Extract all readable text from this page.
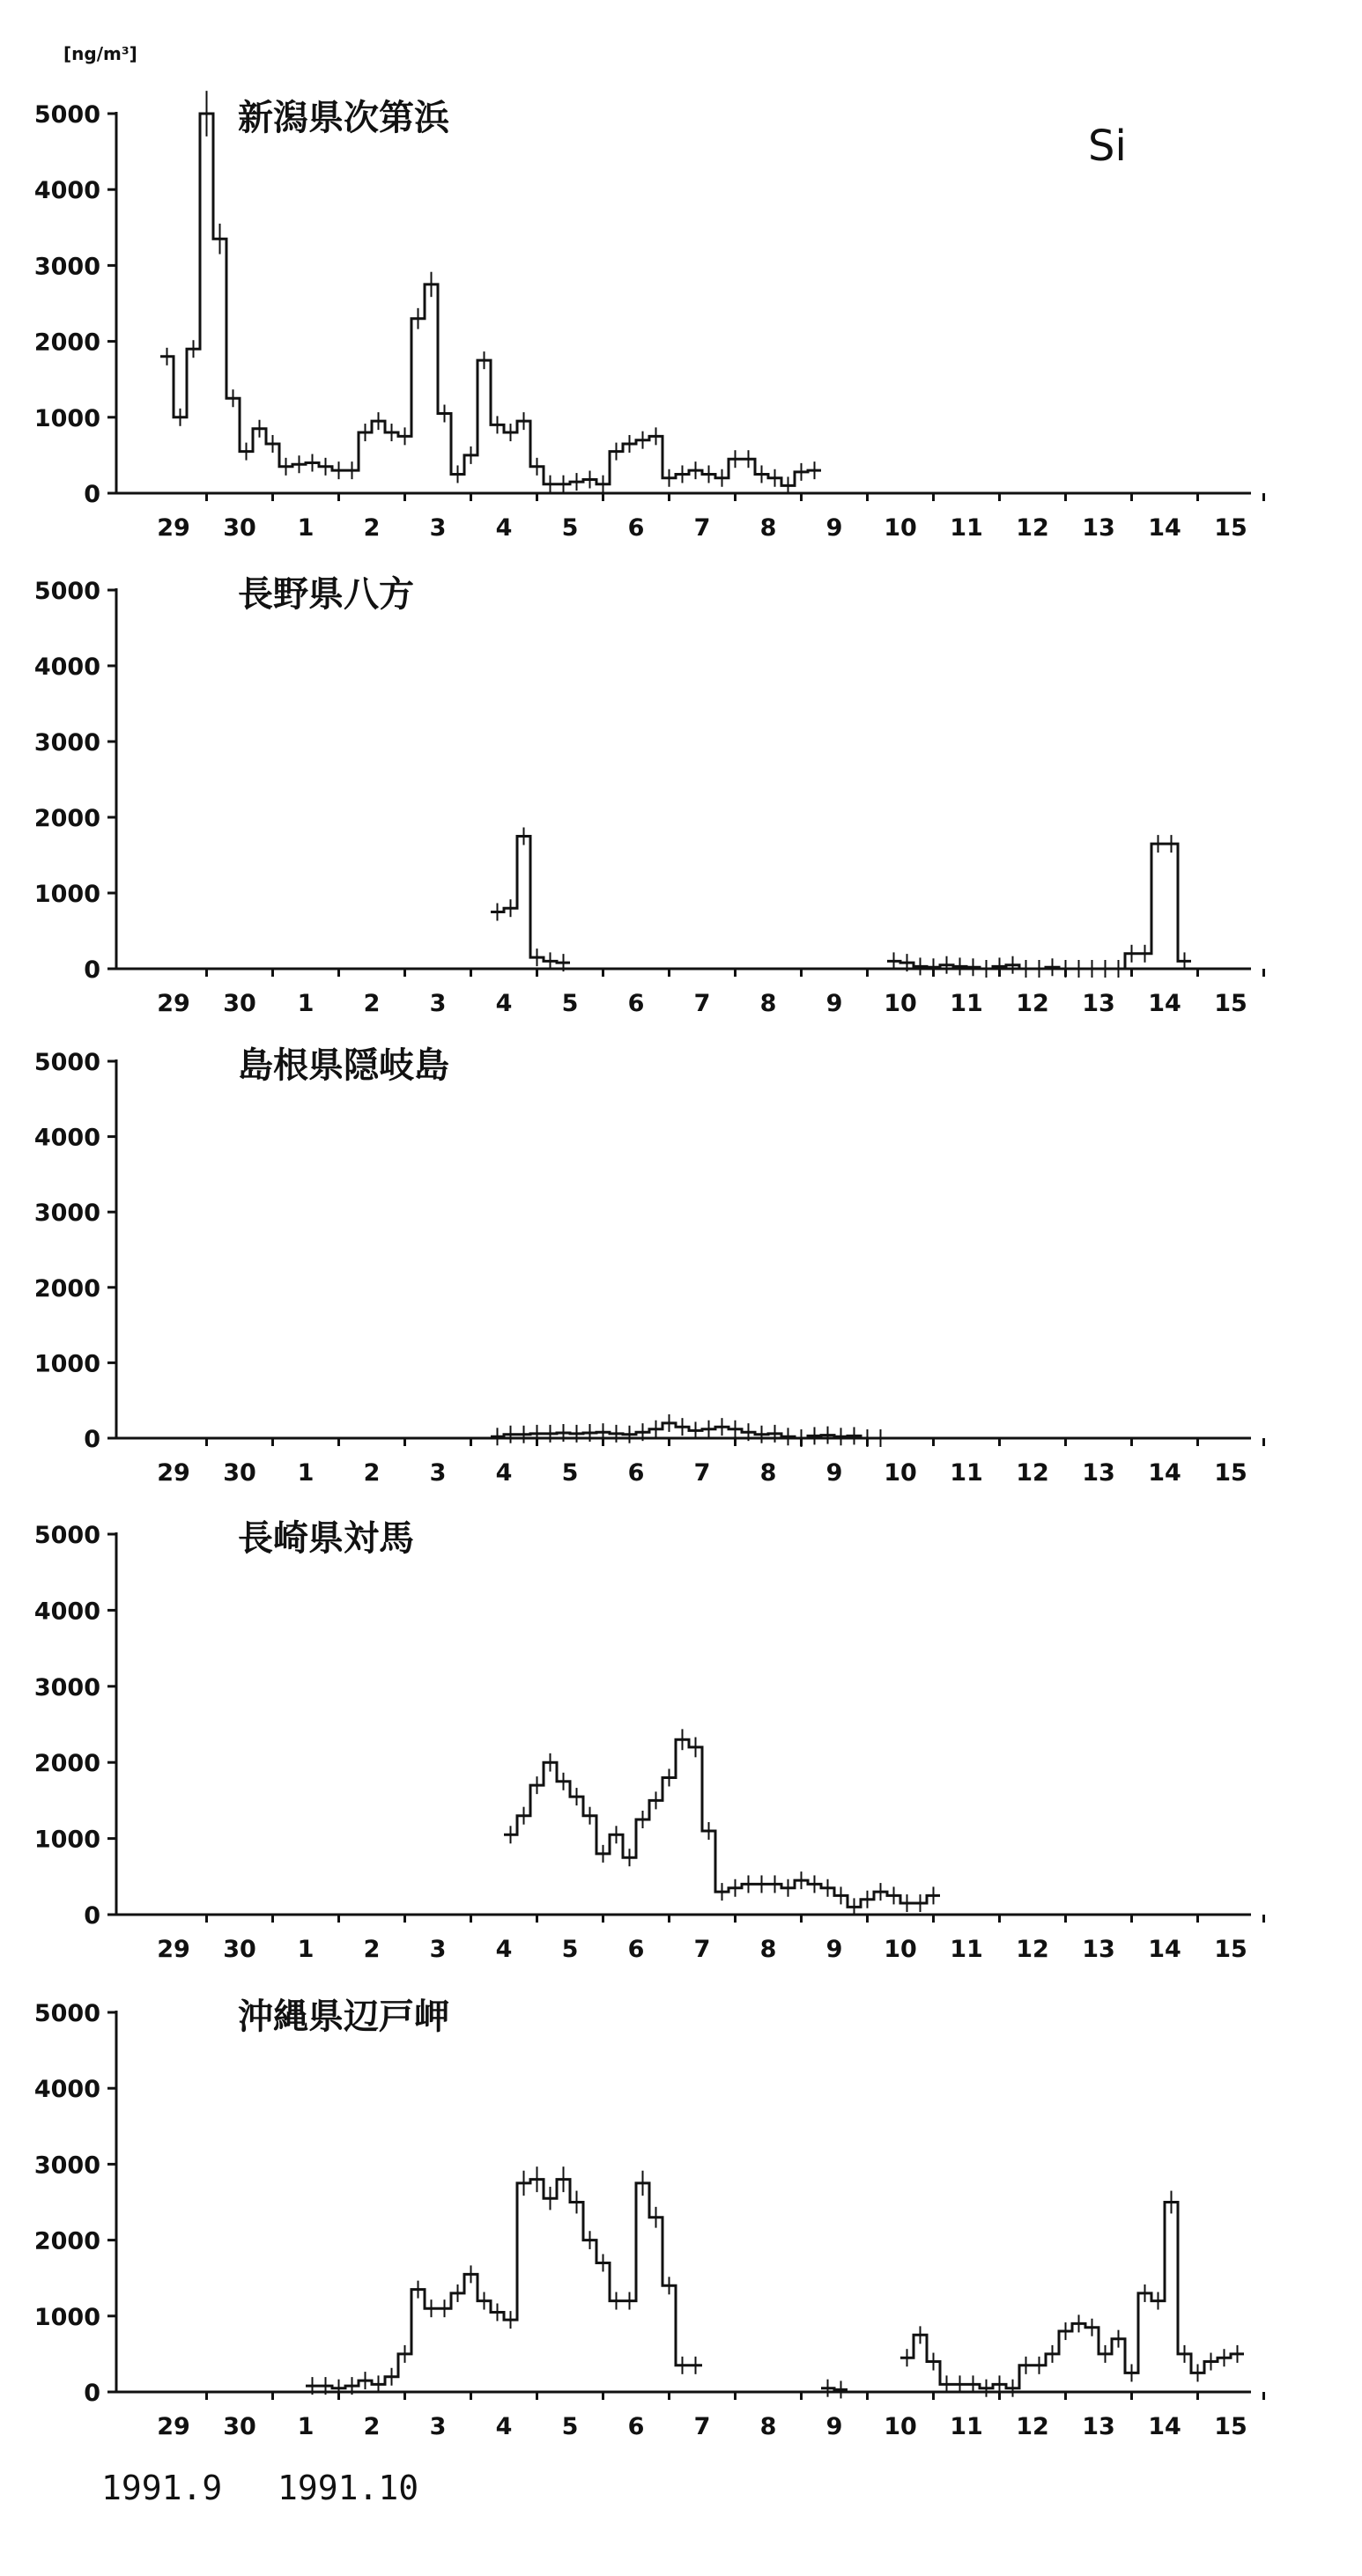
[ng/m³]
Si
0
1000
2000
3000
4000
5000
29 30 1 2 3 4 5 6 7 8 9 10 11 12 13 14 15
新潟県次第浜
0
1000
2000
3000
4000
5000
29 30 1 2 3 4 5 6 7 8 9 10 11 12 13 14 15
長野県八方
0
1000
2000
3000
4000
5000
29 30 1 2 3 4 5 6 7 8 9 10 11 12 13 14 15
島根県隠岐島
0
1000
2000
3000
4000
5000
29 30 1 2 3 4 5 6 7 8 9 10 11 12 13 14 15
長崎県対馬
0
1000
2000
3000
4000
5000
29 30 1 2 3 4 5 6 7 8 9 10 11 12 13 14 15
沖縄県辺戸岬
1991.9 1991.10
